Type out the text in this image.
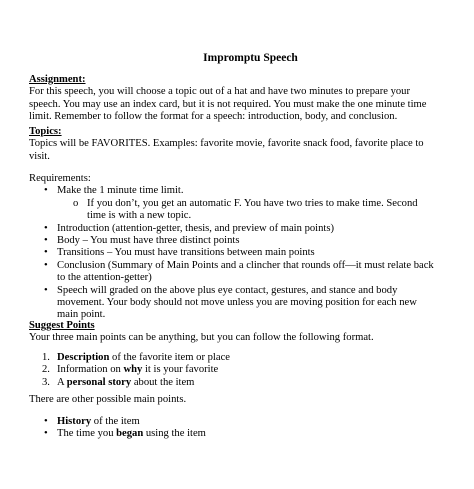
Impromptu Speech

Assignment:

For this speech, you will choose a topic out of a hat and have two minutes to prepare your

speech. You may use an index card, but it is not required. You must make the one minute time

limit. Remember to follow the format for a speech: introduction, body, and conclusion.

Topics:

Topics will be FAVORITES. Examples: favorite movie, favorite snack food, favorite place to

visit.

Requirements:

• Make the 1 minute time limit.
o If you don’t, you get an automatic F. You have two tries to make time. Second

time is with a new topic.

• Introduction (attention-getter, thesis, and preview of main points)
• Body – You must have three distinct points
• Transitions – You must have transitions between main points
• Conclusion (Summary of Main Points and a clincher that rounds off—it must relate back

to the attention-getter)

• Speech will graded on the above plus eye contact, gestures, and stance and body

movement. Your body should not move unless you are moving position for each new

main point.

Suggest Points

Your three main points can be anything, but you can follow the following format.

1. Description of the favorite item or place
2. Information on why it is your favorite
3. A personal story about the item

There are other possible main points.

• History of the item
• The time you began using the item
